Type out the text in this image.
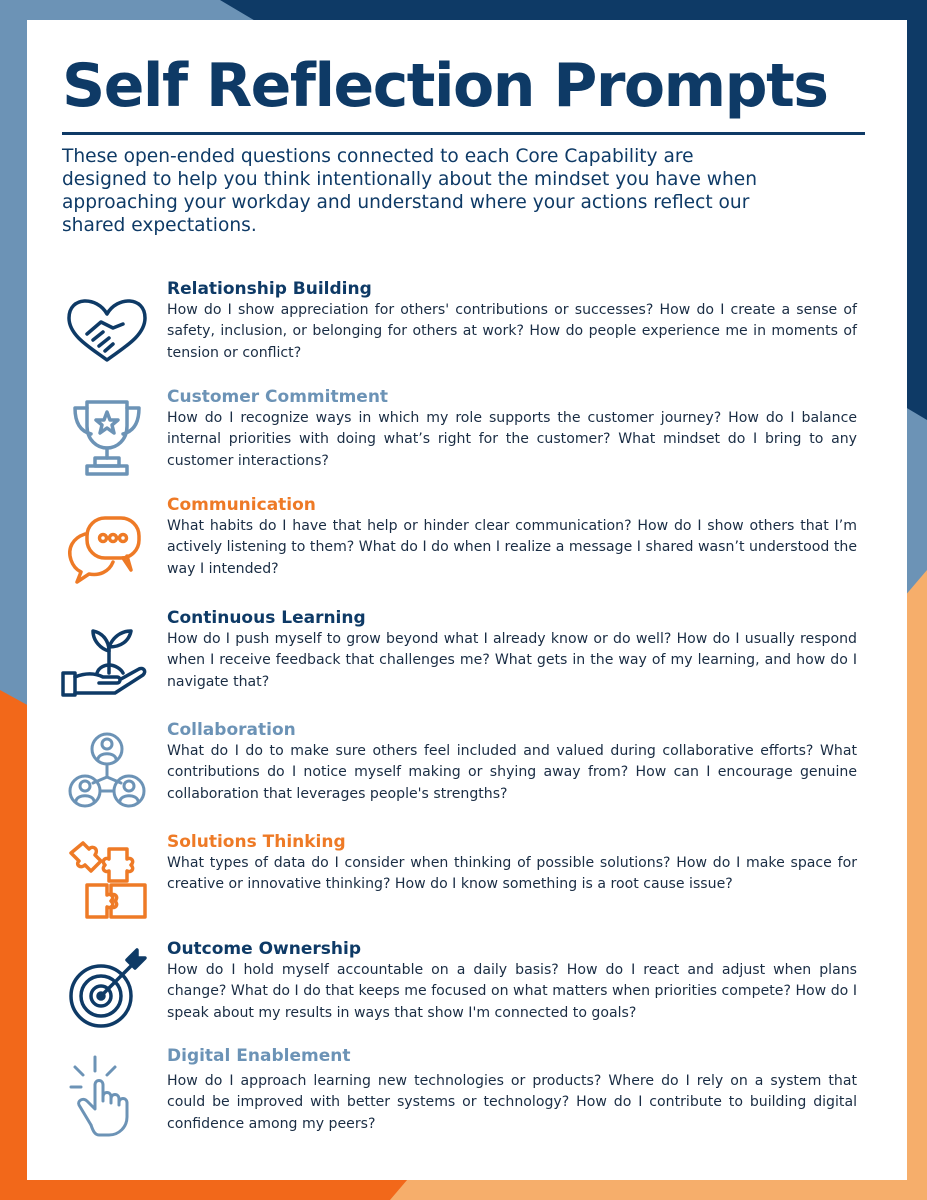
Self Reflection Prompts

These open-ended questions connected to each Core Capability are designed to help you think intentionally about the mindset you have when approaching your workday and understand where your actions reflect our shared expectations.

Relationship Building

How do I show appreciation for others' contributions or successes? How do I create a sense of safety, inclusion, or belonging for others at work? How do people experience me in moments of tension or conflict?

Customer Commitment

How do I recognize ways in which my role supports the customer journey? How do I balance internal priorities with doing what’s right for the customer? What mindset do I bring to any customer interactions?

Communication

What habits do I have that help or hinder clear communication? How do I show others that I’m actively listening to them? What do I do when I realize a message I shared wasn’t understood the way I intended?

Continuous Learning

How do I push myself to grow beyond what I already know or do well? How do I usually respond when I receive feedback that challenges me? What gets in the way of my learning, and how do I navigate that?

Collaboration

What do I do to make sure others feel included and valued during collaborative efforts? What contributions do I notice myself making or shying away from? How can I encourage genuine collaboration that leverages people's strengths?

Solutions Thinking

What types of data do I consider when thinking of possible solutions? How do I make space for creative or innovative thinking? How do I know something is a root cause issue?

Outcome Ownership

How do I hold myself accountable on a daily basis? How do I react and adjust when plans change? What do I do that keeps me focused on what matters when priorities compete? How do I speak about my results in ways that show I'm connected to goals?

Digital Enablement

How do I approach learning new technologies or products? Where do I rely on a system that could be improved with better systems or technology? How do I contribute to building digital confidence among my peers?
